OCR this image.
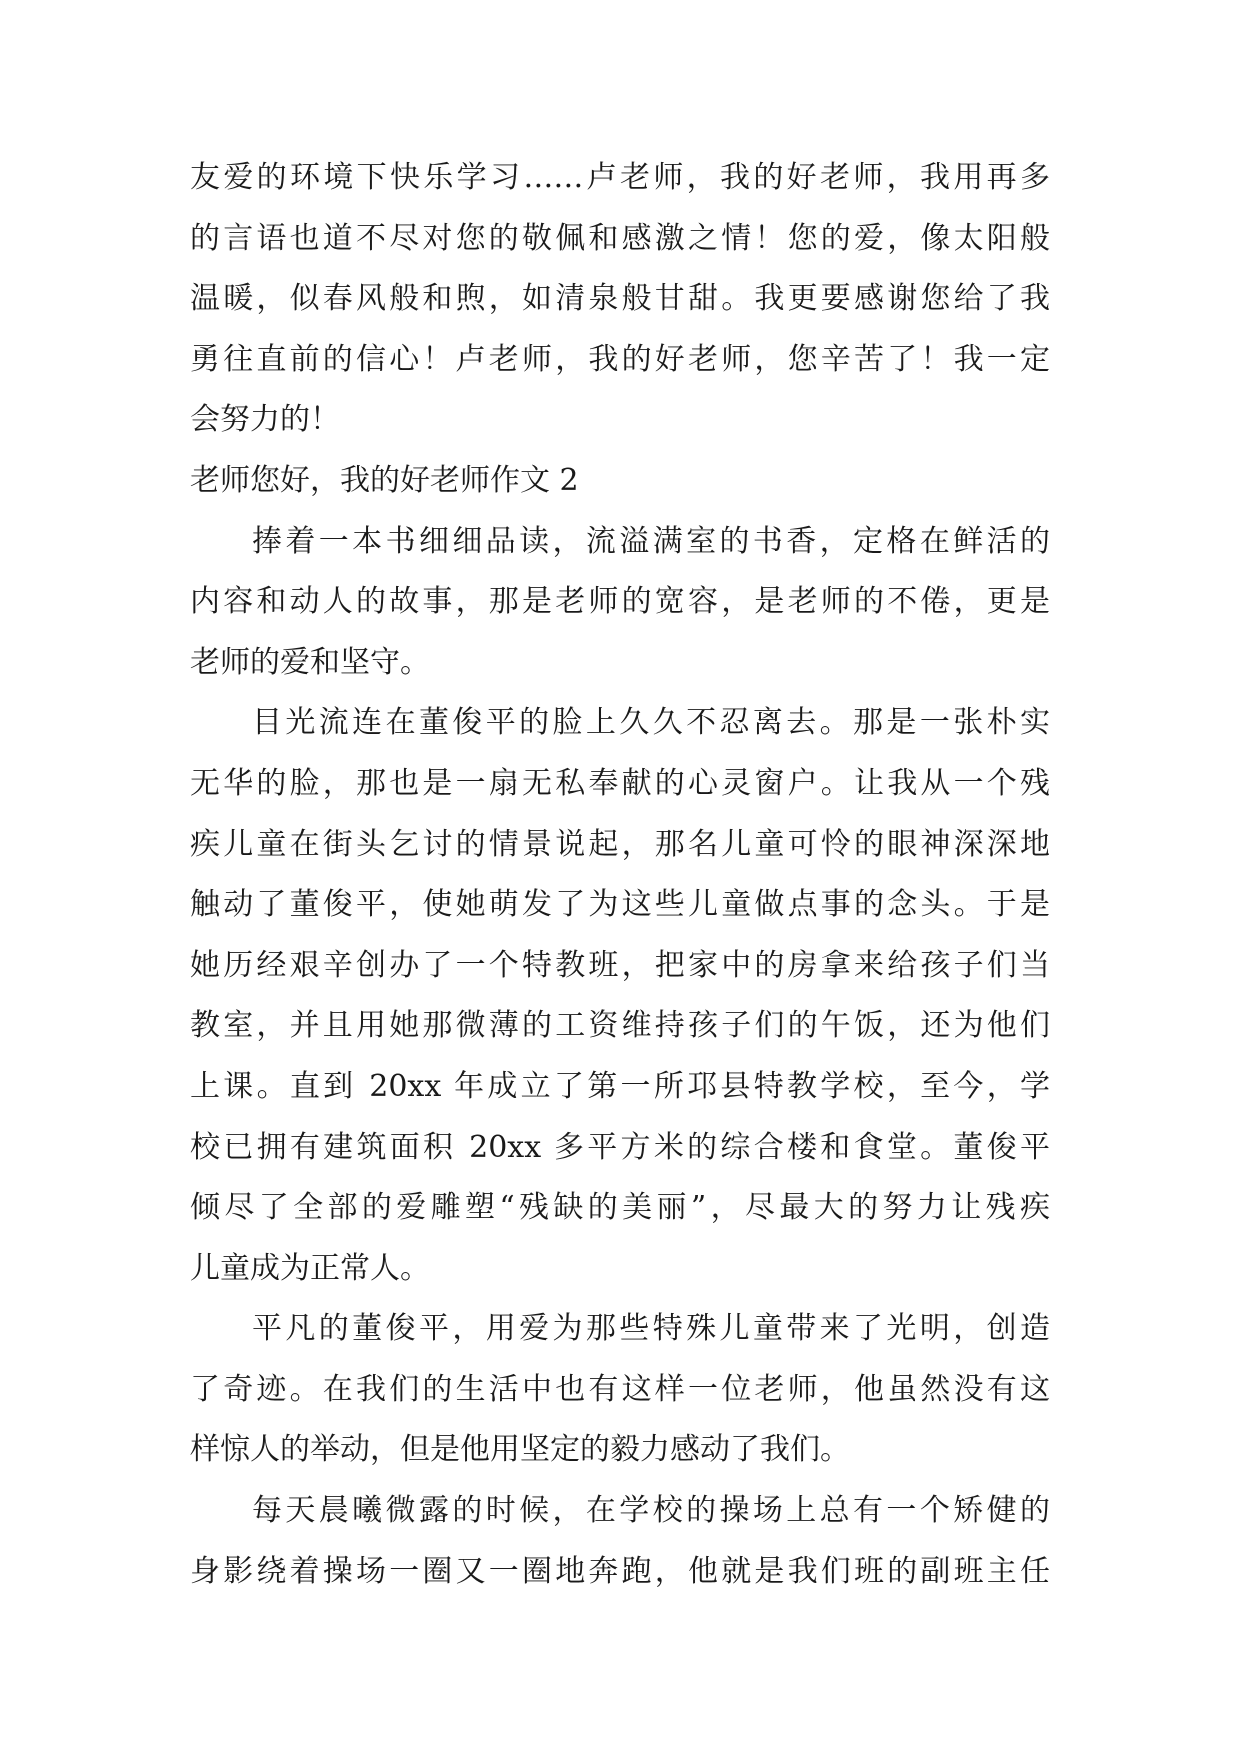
友爱的环境下快乐学习……卢老师，我的好老师，我用再多
的言语也道不尽对您的敬佩和感激之情！您的爱，像太阳般
温暖，似春风般和煦，如清泉般甘甜。我更要感谢您给了我
勇往直前的信心！卢老师，我的好老师，您辛苦了！我一定
会努力的！
老师您好，我的好老师作文 2
捧着一本书细细品读，流溢满室的书香，定格在鲜活的
内容和动人的故事，那是老师的宽容，是老师的不倦，更是
老师的爱和坚守。
目光流连在董俊平的脸上久久不忍离去。那是一张朴实
无华的脸，那也是一扇无私奉献的心灵窗户。让我从一个残
疾儿童在街头乞讨的情景说起，那名儿童可怜的眼神深深地
触动了董俊平，使她萌发了为这些儿童做点事的念头。于是
她历经艰辛创办了一个特教班，把家中的房拿来给孩子们当
教室，并且用她那微薄的工资维持孩子们的午饭，还为他们
上课。直到 20xx 年成立了第一所邛县特教学校，至今，学
校已拥有建筑面积 20xx 多平方米的综合楼和食堂。董俊平
倾尽了全部的爱雕塑“残缺的美丽”，尽最大的努力让残疾
儿童成为正常人。
平凡的董俊平，用爱为那些特殊儿童带来了光明，创造
了奇迹。在我们的生活中也有这样一位老师，他虽然没有这
样惊人的举动，但是他用坚定的毅力感动了我们。
每天晨曦微露的时候，在学校的操场上总有一个矫健的
身影绕着操场一圈又一圈地奔跑，他就是我们班的副班主任
